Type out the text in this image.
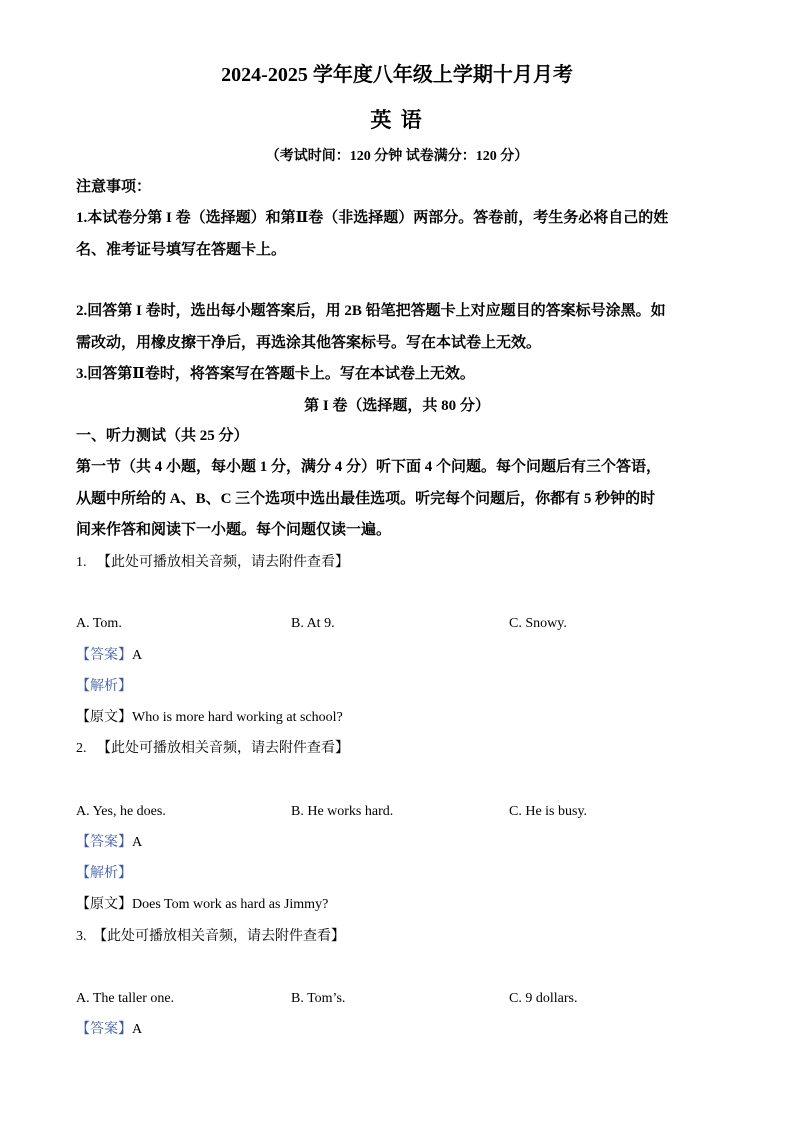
2024-2025 学年度八年级上学期十月月考
英 语
（考试时间：120 分钟 试卷满分：120 分）
注意事项：
1.本试卷分第 I 卷（选择题）和第Ⅱ卷（非选择题）两部分。答卷前，考生务必将自己的姓
名、准考证号填写在答题卡上。
2.回答第 I 卷时，选出每小题答案后，用 2B 铅笔把答题卡上对应题目的答案标号涂黑。如
需改动，用橡皮擦干净后，再选涂其他答案标号。写在本试卷上无效。
3.回答第Ⅱ卷时，将答案写在答题卡上。写在本试卷上无效。
第 I 卷（选择题，共 80 分）
一、听力测试（共 25 分）
第一节（共 4 小题，每小题 1 分，满分 4 分）听下面 4 个问题。每个问题后有三个答语，
从题中所给的 A、B、C 三个选项中选出最佳选项。听完每个问题后，你都有 5 秒钟的时
间来作答和阅读下一小题。每个问题仅读一遍。
1. 【此处可播放相关音频，请去附件查看】
A. Tom.	B. At 9.	C. Snowy.
【答案】A
【解析】
【原文】Who is more hard working at school?
2. 【此处可播放相关音频，请去附件查看】
A. Yes, he does.	B. He works hard.	C. He is busy.
【答案】A
【解析】
【原文】Does Tom work as hard as Jimmy?
3. 【此处可播放相关音频，请去附件查看】
A. The taller one.	B. Tom’s.	C. 9 dollars.
【答案】A
